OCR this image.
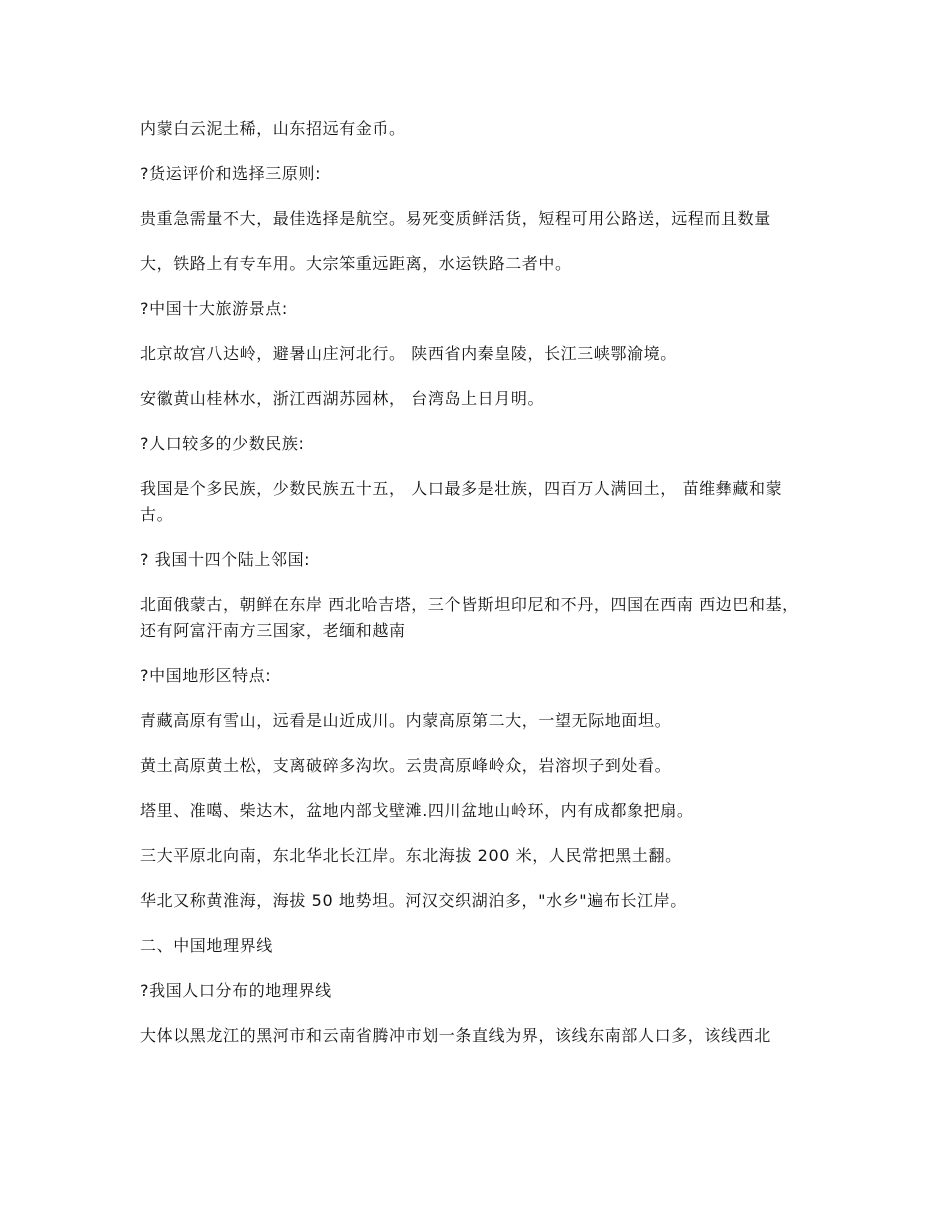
内蒙白云泥土稀，山东招远有金币。

?货运评价和选择三原则:

贵重急需量不大，最佳选择是航空。易死变质鲜活货，短程可用公路送，远程而且数量

大，铁路上有专车用。大宗笨重远距离，水运铁路二者中。

?中国十大旅游景点:

北京故宫八达岭，避暑山庄河北行。 陕西省内秦皇陵，长江三峡鄂渝境。

安徽黄山桂林水，浙江西湖苏园林， 台湾岛上日月明。

?人口较多的少数民族:

我国是个多民族，少数民族五十五， 人口最多是壮族，四百万人满回土， 苗维彝藏和蒙古。

? 我国十四个陆上邻国:

北面俄蒙古，朝鲜在东岸 西北哈吉塔，三个皆斯坦印尼和不丹，四国在西南 西边巴和基，还有阿富汗南方三国家，老缅和越南

?中国地形区特点:

青藏高原有雪山，远看是山近成川。内蒙高原第二大，一望无际地面坦。

黄土高原黄土松，支离破碎多沟坎。云贵高原峰岭众，岩溶坝子到处看。

塔里、准噶、柴达木，盆地内部戈壁滩.四川盆地山岭环，内有成都象把扇。

三大平原北向南，东北华北长江岸。东北海拔 200 米，人民常把黑土翻。

华北又称黄淮海，海拔 50 地势坦。河汉交织湖泊多，"水乡"遍布长江岸。

二、中国地理界线

?我国人口分布的地理界线

大体以黑龙江的黑河市和云南省腾冲市划一条直线为界，该线东南部人口多，该线西北
